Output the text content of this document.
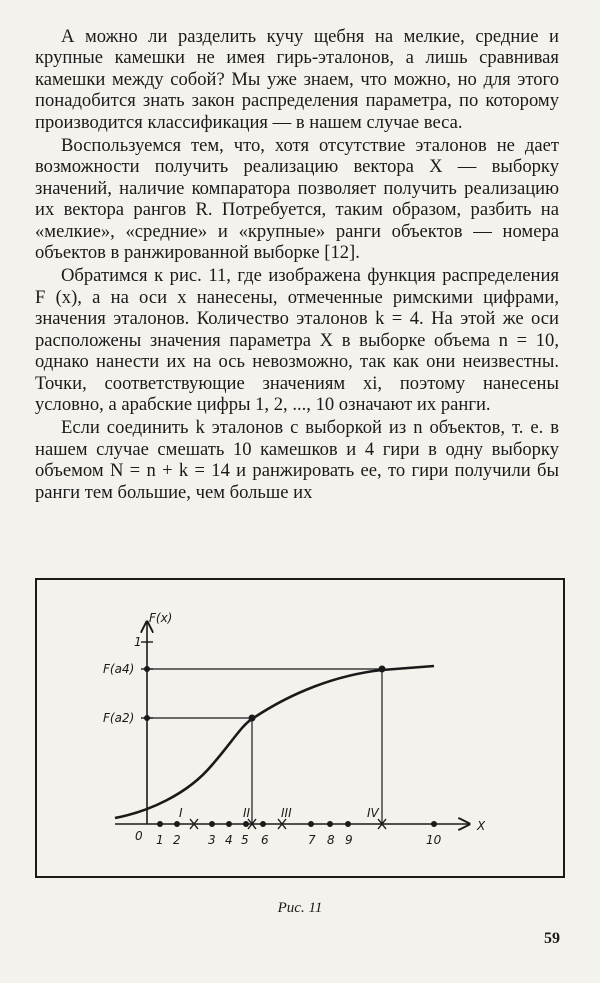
А можно ли разделить кучу щебня на мелкие, средние и крупные камешки не имея гирь-эталонов, а лишь сравнивая камешки между собой? Мы уже знаем, что можно, но для этого понадобится знать закон распределения параметра, по которому производится классификация — в нашем случае веса.

Воспользуемся тем, что, хотя отсутствие эталонов не дает возможности получить реализацию вектора X — выборку значений, наличие компаратора позволяет получить реализацию их вектора рангов R. Потребуется, таким образом, разбить на «мелкие», «средние» и «крупные» ранги объектов — номера объектов в ранжированной выборке [12].

Обратимся к рис. 11, где изображена функция распределения F (x), а на оси x нанесены, отмеченные римскими цифрами, значения эталонов. Количество эталонов k = 4. На этой же оси расположены значения параметра X в выборке объема n = 10, однако нанести их на ось невозможно, так как они неизвестны. Точки, соответствующие значениям xi, поэтому нанесены условно, а арабские цифры 1, 2, ..., 10 означают их ранги.

Если соединить k эталонов с выборкой из n объектов, т. е. в нашем случае смешать 10 камешков и 4 гири в одну выборку объемом N = n + k = 14 и ранжировать ее, то гири получили бы ранги тем большие, чем больше их

F(x)
X
1
F(a4)
F(a2)
0
I	II	III	IV
1 2 3 4 5 6	7 8 9	10
Рис. 11
59
